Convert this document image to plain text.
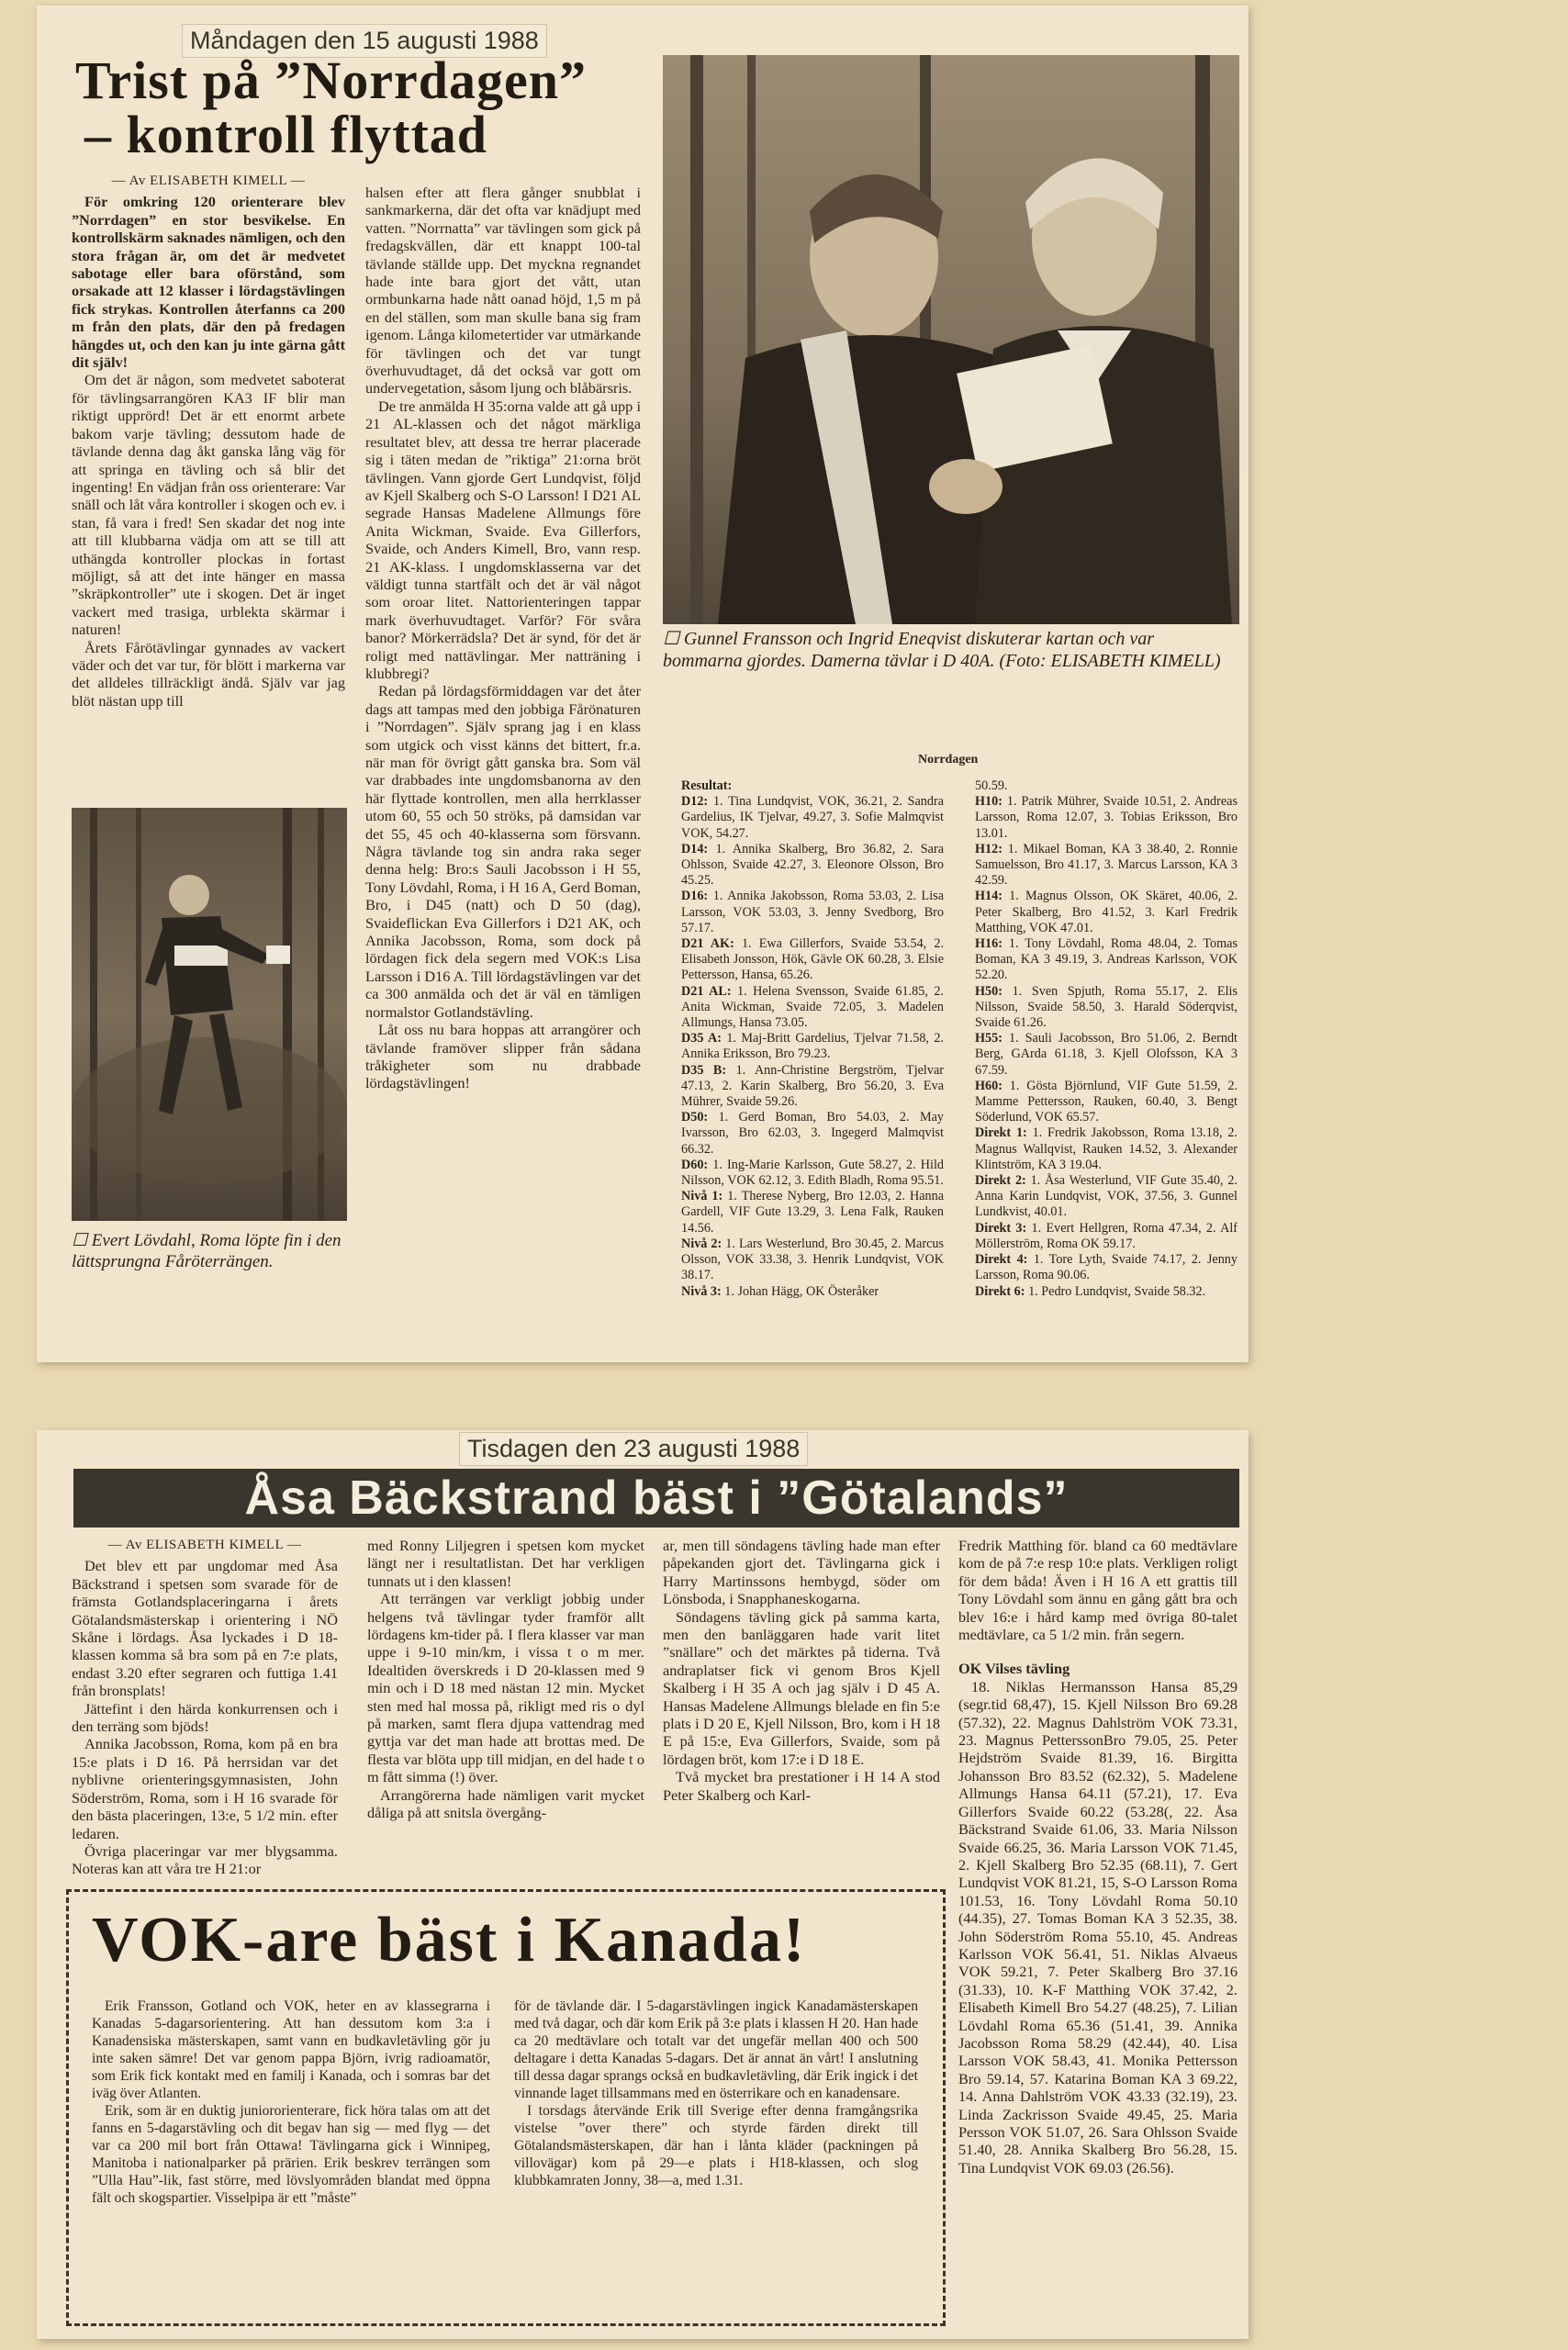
Måndagen den 15 augusti 1988
Trist på ”Norrdagen”
– kontroll flyttad
— Av ELISABETH KIMELL —

För omkring 120 orienterare blev ”Norrdagen” en stor besvikelse. En kontrollskärm saknades nämligen, och den stora frågan är, om det är medvetet sabotage eller bara oförstånd, som orsakade att 12 klasser i lördagstävlingen fick strykas. Kontrollen återfanns ca 200 m från den plats, där den på fredagen hängdes ut, och den kan ju inte gärna gått dit själv!

Om det är någon, som medvetet saboterat för tävlingsarrangören KA3 IF blir man riktigt upprörd! Det är ett enormt arbete bakom varje tävling; dessutom hade de tävlande denna dag åkt ganska lång väg för att springa en tävling och så blir det ingenting! En vädjan från oss orienterare: Var snäll och låt våra kontroller i skogen och ev. i stan, få vara i fred! Sen skadar det nog inte att till klubbarna vädja om att se till att uthängda kontroller plockas in fortast möjligt, så att det inte hänger en massa ”skräpkontroller” ute i skogen. Det är inget vackert med trasiga, urblekta skärmar i naturen!

Årets Fårötävlingar gynnades av vackert väder och det var tur, för blött i markerna var det alldeles tillräckligt ändå. Själv var jag blöt nästan upp till

halsen efter att flera gånger snubblat i sankmarkerna, där det ofta var knädjupt med vatten. ”Norrnatta” var tävlingen som gick på fredagskvällen, där ett knappt 100-tal tävlande ställde upp. Det myckna regnandet hade inte bara gjort det vått, utan ormbunkarna hade nått oanad höjd, 1,5 m på en del ställen, som man skulle bana sig fram igenom. Långa kilometertider var utmärkande för tävlingen och det var tungt överhuvudtaget, då det också var gott om undervegetation, såsom ljung och blåbärsris.

De tre anmälda H 35:orna valde att gå upp i 21 AL-klassen och det något märkliga resultatet blev, att dessa tre herrar placerade sig i täten medan de ”riktiga” 21:orna bröt tävlingen. Vann gjorde Gert Lundqvist, följd av Kjell Skalberg och S-O Larsson! I D21 AL segrade Hansas Madelene Allmungs före Anita Wickman, Svaide. Eva Gillerfors, Svaide, och Anders Kimell, Bro, vann resp. 21 AK-klass. I ungdomsklasserna var det väldigt tunna startfält och det är väl något som oroar litet. Nattorienteringen tappar mark överhuvudtaget. Varför? För svåra banor? Mörkerrädsla? Det är synd, för det är roligt med nattävlingar. Mer natträning i klubbregi?

Redan på lördagsförmiddagen var det åter dags att tampas med den jobbiga Fårönaturen i ”Norrdagen”. Själv sprang jag i en klass som utgick och visst känns det bittert, fr.a. när man för övrigt gått ganska bra. Som väl var drabbades inte ungdomsbanorna av den här flyttade kontrollen, men alla herrklasser utom 60, 55 och 50 ströks, på damsidan var det 55, 45 och 40-klasserna som försvann. Några tävlande tog sin andra raka seger denna helg: Bro:s Sauli Jacobsson i H 55, Tony Lövdahl, Roma, i H 16 A, Gerd Boman, Bro, i D45 (natt) och D 50 (dag), Svaideflickan Eva Gillerfors i D21 AK, och Annika Jacobsson, Roma, som dock på lördagen fick dela segern med VOK:s Lisa Larsson i D16 A. Till lördagstävlingen var det ca 300 anmälda och det är väl en tämligen normalstor Gotlandstävling.

Låt oss nu bara hoppas att arrangörer och tävlande framöver slipper från sådana tråkigheter som nu drabbade lördagstävlingen!

☐ Evert Lövdahl, Roma löpte fin i den lättsprungna Fåröterrängen.
☐ Gunnel Fransson och Ingrid Eneqvist diskuterar kartan och var bommarna gjordes. Damerna tävlar i D 40A. (Foto: ELISABETH KIMELL)
Norrdagen

Resultat:

D12: 1. Tina Lundqvist, VOK, 36.21, 2. Sandra Gardelius, IK Tjelvar, 49.27, 3. Sofie Malmqvist VOK, 54.27.

D14: 1. Annika Skalberg, Bro 36.82, 2. Sara Ohlsson, Svaide 42.27, 3. Eleonore Olsson, Bro 45.25.

D16: 1. Annika Jakobsson, Roma 53.03, 2. Lisa Larsson, VOK 53.03, 3. Jenny Svedborg, Bro 57.17.

D21 AK: 1. Ewa Gillerfors, Svaide 53.54, 2. Elisabeth Jonsson, Hök, Gävle OK 60.28, 3. Elsie Pettersson, Hansa, 65.26.

D21 AL: 1. Helena Svensson, Svaide 61.85, 2. Anita Wickman, Svaide 72.05, 3. Madelen Allmungs, Hansa 73.05.

D35 A: 1. Maj-Britt Gardelius, Tjelvar 71.58, 2. Annika Eriksson, Bro 79.23.

D35 B: 1. Ann-Christine Bergström, Tjelvar 47.13, 2. Karin Skalberg, Bro 56.20, 3. Eva Mührer, Svaide 59.26.

D50: 1. Gerd Boman, Bro 54.03, 2. May Ivarsson, Bro 62.03, 3. Ingegerd Malmqvist 66.32.

D60: 1. Ing-Marie Karlsson, Gute 58.27, 2. Hild Nilsson, VOK 62.12, 3. Edith Bladh, Roma 95.51.

Nivå 1: 1. Therese Nyberg, Bro 12.03, 2. Hanna Gardell, VIF Gute 13.29, 3. Lena Falk, Rauken 14.56.

Nivå 2: 1. Lars Westerlund, Bro 30.45, 2. Marcus Olsson, VOK 33.38, 3. Henrik Lundqvist, VOK 38.17.

Nivå 3: 1. Johan Hägg, OK Österåker

50.59.

H10: 1. Patrik Mührer, Svaide 10.51, 2. Andreas Larsson, Roma 12.07, 3. Tobias Eriksson, Bro 13.01.

H12: 1. Mikael Boman, KA 3 38.40, 2. Ronnie Samuelsson, Bro 41.17, 3. Marcus Larsson, KA 3 42.59.

H14: 1. Magnus Olsson, OK Skäret, 40.06, 2. Peter Skalberg, Bro 41.52, 3. Karl Fredrik Matthing, VOK 47.01.

H16: 1. Tony Lövdahl, Roma 48.04, 2. Tomas Boman, KA 3 49.19, 3. Andreas Karlsson, VOK 52.20.

H50: 1. Sven Spjuth, Roma 55.17, 2. Elis Nilsson, Svaide 58.50, 3. Harald Söderqvist, Svaide 61.26.

H55: 1. Sauli Jacobsson, Bro 51.06, 2. Berndt Berg, GArda 61.18, 3. Kjell Olofsson, KA 3 67.59.

H60: 1. Gösta Björnlund, VIF Gute 51.59, 2. Mamme Pettersson, Rauken, 60.40, 3. Bengt Söderlund, VOK 65.57.

Direkt 1: 1. Fredrik Jakobsson, Roma 13.18, 2. Magnus Wallqvist, Rauken 14.52, 3. Alexander Klintström, KA 3 19.04.

Direkt 2: 1. Åsa Westerlund, VIF Gute 35.40, 2. Anna Karin Lundqvist, VOK, 37.56, 3. Gunnel Lundkvist, 40.01.

Direkt 3: 1. Evert Hellgren, Roma 47.34, 2. Alf Möllerström, Roma OK 59.17.

Direkt 4: 1. Tore Lyth, Svaide 74.17, 2. Jenny Larsson, Roma 90.06.

Direkt 6: 1. Pedro Lundqvist, Svaide 58.32.

Tisdagen den 23 augusti 1988
Åsa Bäckstrand bäst i ”Götalands”
— Av ELISABETH KIMELL —

Det blev ett par ungdomar med Åsa Bäckstrand i spetsen som svarade för de främsta Gotlandsplaceringarna i årets Götalandsmästerskap i orientering i NÖ Skåne i lördags. Åsa lyckades i D 18-klassen komma så bra som på en 7:e plats, endast 3.20 efter segraren och futtiga 1.41 från bronsplats!

Jättefint i den härda konkurrensen och i den terräng som bjöds!

Annika Jacobsson, Roma, kom på en bra 15:e plats i D 16. På herrsidan var det nyblivne orienteringsgymnasisten, John Söderström, Roma, som i H 16 svarade för den bästa placeringen, 13:e, 5 1/2 min. efter ledaren.

Övriga placeringar var mer blygsamma. Noteras kan att våra tre H 21:or

med Ronny Liljegren i spetsen kom mycket längt ner i resultatlistan. Det har verkligen tunnats ut i den klassen!

Att terrängen var verkligt jobbig under helgens två tävlingar tyder framför allt lördagens km-tider på. I flera klasser var man uppe i 9-10 min/km, i vissa t o m mer. Idealtiden överskreds i D 20-klassen med 9 min och i D 18 med nästan 12 min. Mycket sten med hal mossa på, rikligt med ris o dyl på marken, samt flera djupa vattendrag med gyttja var det man hade att brottas med. De flesta var blöta upp till midjan, en del hade t o m fått simma (!) över.

Arrangörerna hade nämligen varit mycket dåliga på att snitsla övergång-

ar, men till söndagens tävling hade man efter påpekanden gjort det. Tävlingarna gick i Harry Martinssons hembygd, söder om Lönsboda, i Snapphaneskogarna.

Söndagens tävling gick på samma karta, men den banläggaren hade varit litet ”snällare” och det märktes på tiderna. Två andraplatser fick vi genom Bros Kjell Skalberg i H 35 A och jag själv i D 45 A. Hansas Madelene Allmungs blelade en fin 5:e plats i D 20 E, Kjell Nilsson, Bro, kom i H 18 E på 15:e, Eva Gillerfors, Svaide, som på lördagen bröt, kom 17:e i D 18 E.

Två mycket bra prestationer i H 14 A stod Peter Skalberg och Karl-

Fredrik Matthing för. bland ca 60 medtävlare kom de på 7:e resp 10:e plats. Verkligen roligt för dem båda! Även i H 16 A ett grattis till Tony Lövdahl som ännu en gång gått bra och blev 16:e i hård kamp med övriga 80-talet medtävlare, ca 5 1/2 min. från segern.

OK Vilses tävling

18. Niklas Hermansson Hansa 85,29 (segr.tid 68,47), 15. Kjell Nilsson Bro 69.28 (57.32), 22. Magnus Dahlström VOK 73.31, 23. Magnus PetterssonBro 79.05, 25. Peter Hejdström Svaide 81.39, 16. Birgitta Johansson Bro 83.52 (62.32), 5. Madelene Allmungs Hansa 64.11 (57.21), 17. Eva Gillerfors Svaide 60.22 (53.28(, 22. Åsa Bäckstrand Svaide 61.06, 33. Maria Nilsson Svaide 66.25, 36. Maria Larsson VOK 71.45, 2. Kjell Skalberg Bro 52.35 (68.11), 7. Gert Lundqvist VOK 81.21, 15, S-O Larsson Roma 101.53, 16. Tony Lövdahl Roma 50.10 (44.35), 27. Tomas Boman KA 3 52.35, 38. John Söderström Roma 55.10, 45. Andreas Karlsson VOK 56.41, 51. Niklas Alvaeus VOK 59.21, 7. Peter Skalberg Bro 37.16 (31.33), 10. K-F Matthing VOK 37.42, 2. Elisabeth Kimell Bro 54.27 (48.25), 7. Lilian Lövdahl Roma 65.36 (51.41, 39. Annika Jacobsson Roma 58.29 (42.44), 40. Lisa Larsson VOK 58.43, 41. Monika Pettersson Bro 59.14, 57. Katarina Boman KA 3 69.22, 14. Anna Dahlström VOK 43.33 (32.19), 23. Linda Zackrisson Svaide 49.45, 25. Maria Persson VOK 51.07, 26. Sara Ohlsson Svaide 51.40, 28. Annika Skalberg Bro 56.28, 15. Tina Lundqvist VOK 69.03 (26.56).

VOK-are bäst i Kanada!

Erik Fransson, Gotland och VOK, heter en av klassegrarna i Kanadas 5-dagarsorientering. Att han dessutom kom 3:a i Kanadensiska mästerskapen, samt vann en budkavletävling gör ju inte saken sämre! Det var genom pappa Björn, ivrig radioamatör, som Erik fick kontakt med en familj i Kanada, och i somras bar det iväg över Atlanten.

Erik, som är en duktig juniororienterare, fick höra talas om att det fanns en 5-dagarstävling och dit begav han sig — med flyg — det var ca 200 mil bort från Ottawa! Tävlingarna gick i Winnipeg, Manitoba i nationalparker på prärien. Erik beskrev terrängen som ”Ulla Hau”-lik, fast större, med lövslyområden blandat med öppna fält och skogspartier. Visselpipa är ett ”måste”

för de tävlande där. I 5-dagarstävlingen ingick Kanadamästerskapen med två dagar, och där kom Erik på 3:e plats i klassen H 20. Han hade ca 20 medtävlare och totalt var det ungefär mellan 400 och 500 deltagare i detta Kanadas 5-dagars. Det är annat än vårt! I anslutning till dessa dagar sprangs också en budkavletävling, där Erik ingick i det vinnande laget tillsammans med en österrikare och en kanadensare.

I torsdags återvände Erik till Sverige efter denna framgångsrika vistelse ”over there” och styrde färden direkt till Götalandsmästerskapen, där han i lånta kläder (packningen på villovägar) kom på 29—e plats i H18-klassen, och slog klubbkamraten Jonny, 38—a, med 1.31.
